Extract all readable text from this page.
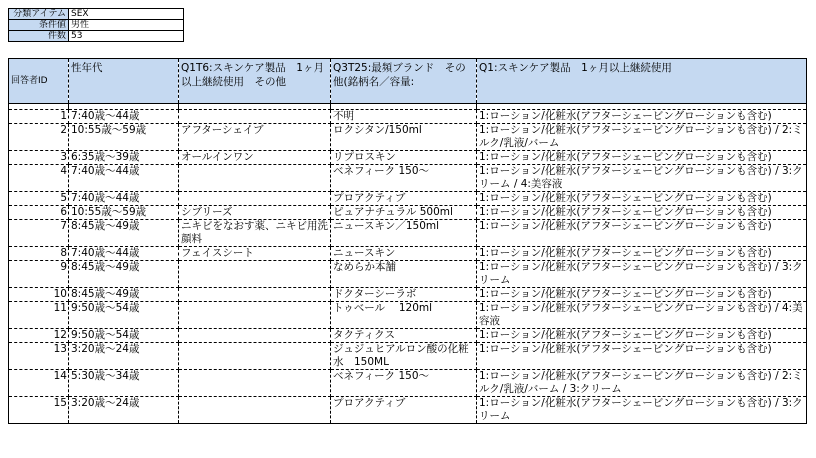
分類アイテム	SEX
条件値	男性
件数	53
回答者ID	性年代	Q1T6:スキンケア製品　1ヶ月以上継続使用　その他	Q3T25:最頻ブランド　その他(銘柄名／容量:	Q1:スキンケア製品　1ヶ月以上継続使用

1	7:40歳～44歳		不明	1:ローション/化粧水(アフターシェービングローションも含む)
2	10:55歳～59歳	アフターシェイブ	ロクシタン/150ml	1:ローション/化粧水(アフターシェービングローションも含む) / 2:ミルク/乳液/バーム
3	6:35歳～39歳	オールインワン	リプロスキン	1:ローション/化粧水(アフターシェービングローションも含む)
4	7:40歳～44歳		ベネフィーク 150～	1:ローション/化粧水(アフターシェービングローションも含む) / 3:クリーム / 4:美容液
5	7:40歳～44歳		プロアクティブ	1:ローション/化粧水(アフターシェービングローションも含む)
6	10:55歳～59歳	シブリーズ	ピュアナチュラル 500ml	1:ローション/化粧水(アフターシェービングローションも含む)
7	8:45歳～49歳	ニキビをなおす薬、ニキビ用洗顔料	ニュースキン／150ml	1:ローション/化粧水(アフターシェービングローションも含む)
8	7:40歳～44歳	フェイスシート	ニュースキン	1:ローション/化粧水(アフターシェービングローションも含む)
9	8:45歳～49歳		なめらか本舗	1:ローション/化粧水(アフターシェービングローションも含む) / 3:クリーム
10	8:45歳～49歳		ドクターシーラボ	1:ローション/化粧水(アフターシェービングローションも含む)
11	9:50歳～54歳		トゥベール　 120ml	1:ローション/化粧水(アフターシェービングローションも含む) / 4:美容液
12	9:50歳～54歳		タクティクス	1:ローション/化粧水(アフターシェービングローションも含む)
13	3:20歳～24歳		ジュジュヒアルロン酸の化粧水　150ML	1:ローション/化粧水(アフターシェービングローションも含む)
14	5:30歳～34歳		ベネフィーク 150～	1:ローション/化粧水(アフターシェービングローションも含む) / 2:ミルク/乳液/バーム / 3:クリーム
15	3:20歳～24歳		プロアクティブ	1:ローション/化粧水(アフターシェービングローションも含む) / 3:クリーム
